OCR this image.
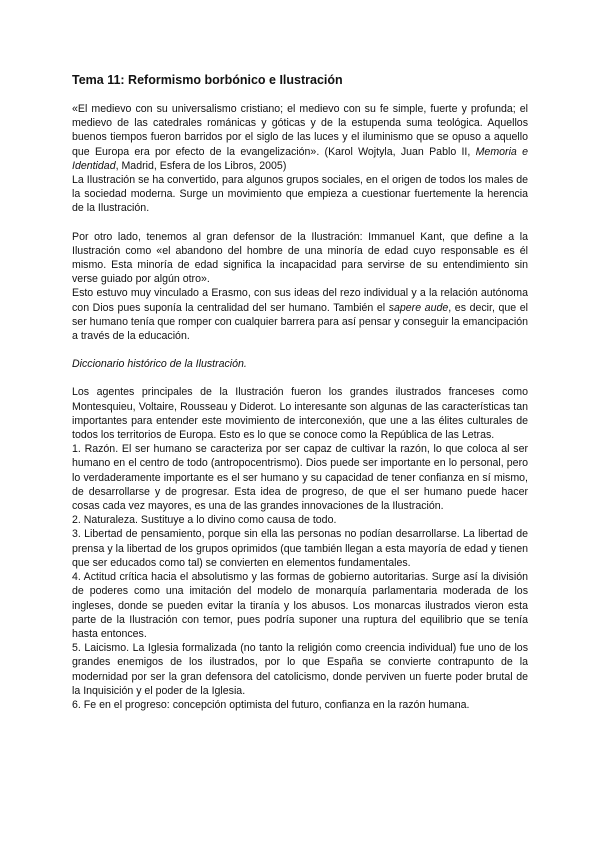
Tema 11: Reformismo borbónico e Ilustración

«El medievo con su universalismo cristiano; el medievo con su fe simple, fuerte y profunda; el medievo de las catedrales románicas y góticas y de la estupenda suma teológica. Aquellos buenos tiempos fueron barridos por el siglo de las luces y el iluminismo que se opuso a aquello que Europa era por efecto de la evangelización». (Karol Wojtyla, Juan Pablo II, Memoria e Identidad, Madrid, Esfera de los Libros, 2005)

La Ilustración se ha convertido, para algunos grupos sociales, en el origen de todos los males de la sociedad moderna. Surge un movimiento que empieza a cuestionar fuertemente la herencia de la Ilustración.

Por otro lado, tenemos al gran defensor de la Ilustración: Immanuel Kant, que define a la Ilustración como «el abandono del hombre de una minoría de edad cuyo responsable es él mismo. Esta minoría de edad significa la incapacidad para servirse de su entendimiento sin verse guiado por algún otro».

Esto estuvo muy vinculado a Erasmo, con sus ideas del rezo individual y a la relación autónoma con Dios pues suponía la centralidad del ser humano. También el sapere aude, es decir, que el ser humano tenía que romper con cualquier barrera para así pensar y conseguir la emancipación a través de la educación.

Diccionario histórico de la Ilustración.

Los agentes principales de la Ilustración fueron los grandes ilustrados franceses como Montesquieu, Voltaire, Rousseau y Diderot. Lo interesante son algunas de las características tan importantes para entender este movimiento de interconexión, que une a las élites culturales de todos los territorios de Europa. Esto es lo que se conoce como la República de las Letras.

1. Razón. El ser humano se caracteriza por ser capaz de cultivar la razón, lo que coloca al ser humano en el centro de todo (antropocentrismo). Dios puede ser importante en lo personal, pero lo verdaderamente importante es el ser humano y su capacidad de tener confianza en sí mismo, de desarrollarse y de progresar. Esta idea de progreso, de que el ser humano puede hacer cosas cada vez mayores, es una de las grandes innovaciones de la Ilustración.

2. Naturaleza. Sustituye a lo divino como causa de todo.

3. Libertad de pensamiento, porque sin ella las personas no podían desarrollarse. La libertad de prensa y la libertad de los grupos oprimidos (que también llegan a esta mayoría de edad y tienen que ser educados como tal) se convierten en elementos fundamentales.

4. Actitud crítica hacia el absolutismo y las formas de gobierno autoritarias. Surge así la división de poderes como una imitación del modelo de monarquía parlamentaria moderada de los ingleses, donde se pueden evitar la tiranía y los abusos. Los monarcas ilustrados vieron esta parte de la Ilustración con temor, pues podría suponer una ruptura del equilibrio que se tenía hasta entonces.

5. Laicismo. La Iglesia formalizada (no tanto la religión como creencia individual) fue uno de los grandes enemigos de los ilustrados, por lo que España se convierte contrapunto de la modernidad por ser la gran defensora del catolicismo, donde perviven un fuerte poder brutal de la Inquisición y el poder de la Iglesia.

6. Fe en el progreso: concepción optimista del futuro, confianza en la razón humana.
